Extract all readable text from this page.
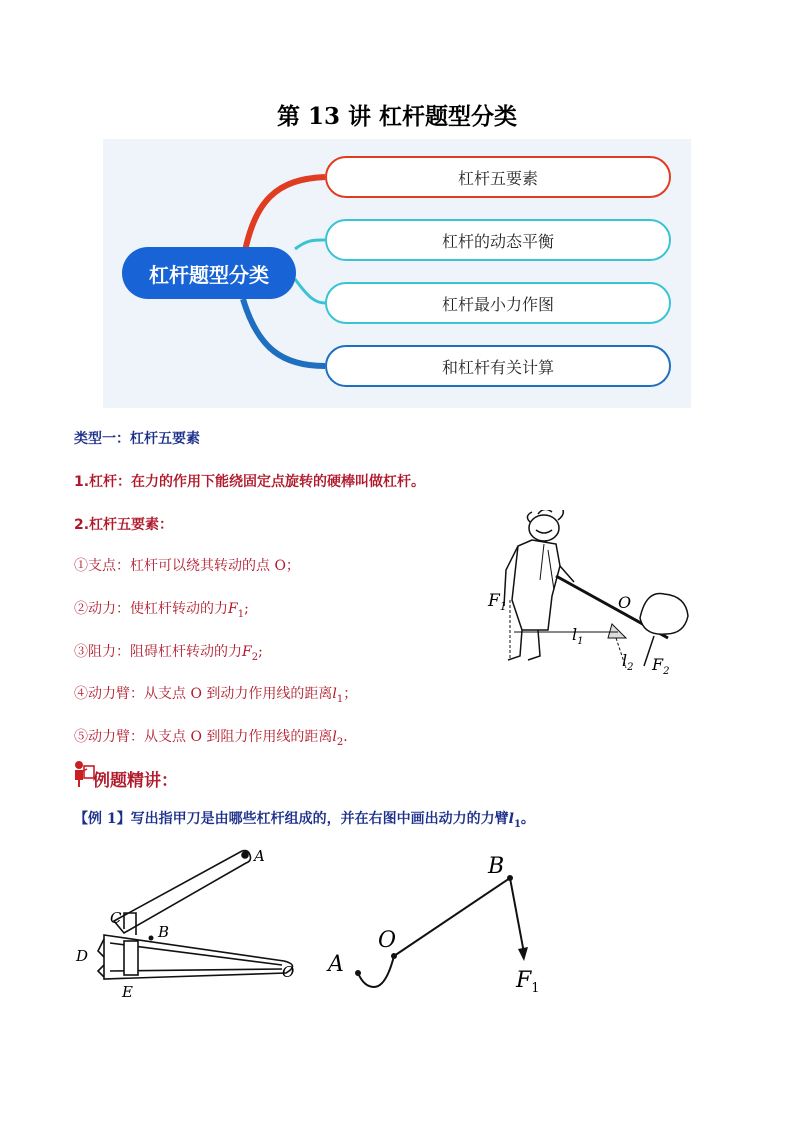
第 13 讲 杠杆题型分类
杠杆题型分类
杠杆五要素
杠杆的动态平衡
杠杆最小力作图
和杠杆有关计算
类型一：杠杆五要素
1.杠杆：在力的作用下能绕固定点旋转的硬棒叫做杠杆。
2.杠杆五要素：
①支点：杠杆可以绕其转动的点 O；
②动力：使杠杆转动的力$F_1$;
③阻力：阻碍杠杆转动的力$F_2$;
④动力臂：从支点 O 到动力作用线的距离$l_1$；
⑤动力臂：从支点 O 到阻力作用线的距离$l_2$.
$F_1$	O
$l_1$
$l_2$ $F_2$
例题精讲：
【例 1】写出指甲刀是由哪些杠杆组成的，并在右图中画出动力的力臂$l_1$。
A
C
B
D
E
O A
O
B
$F_1$
